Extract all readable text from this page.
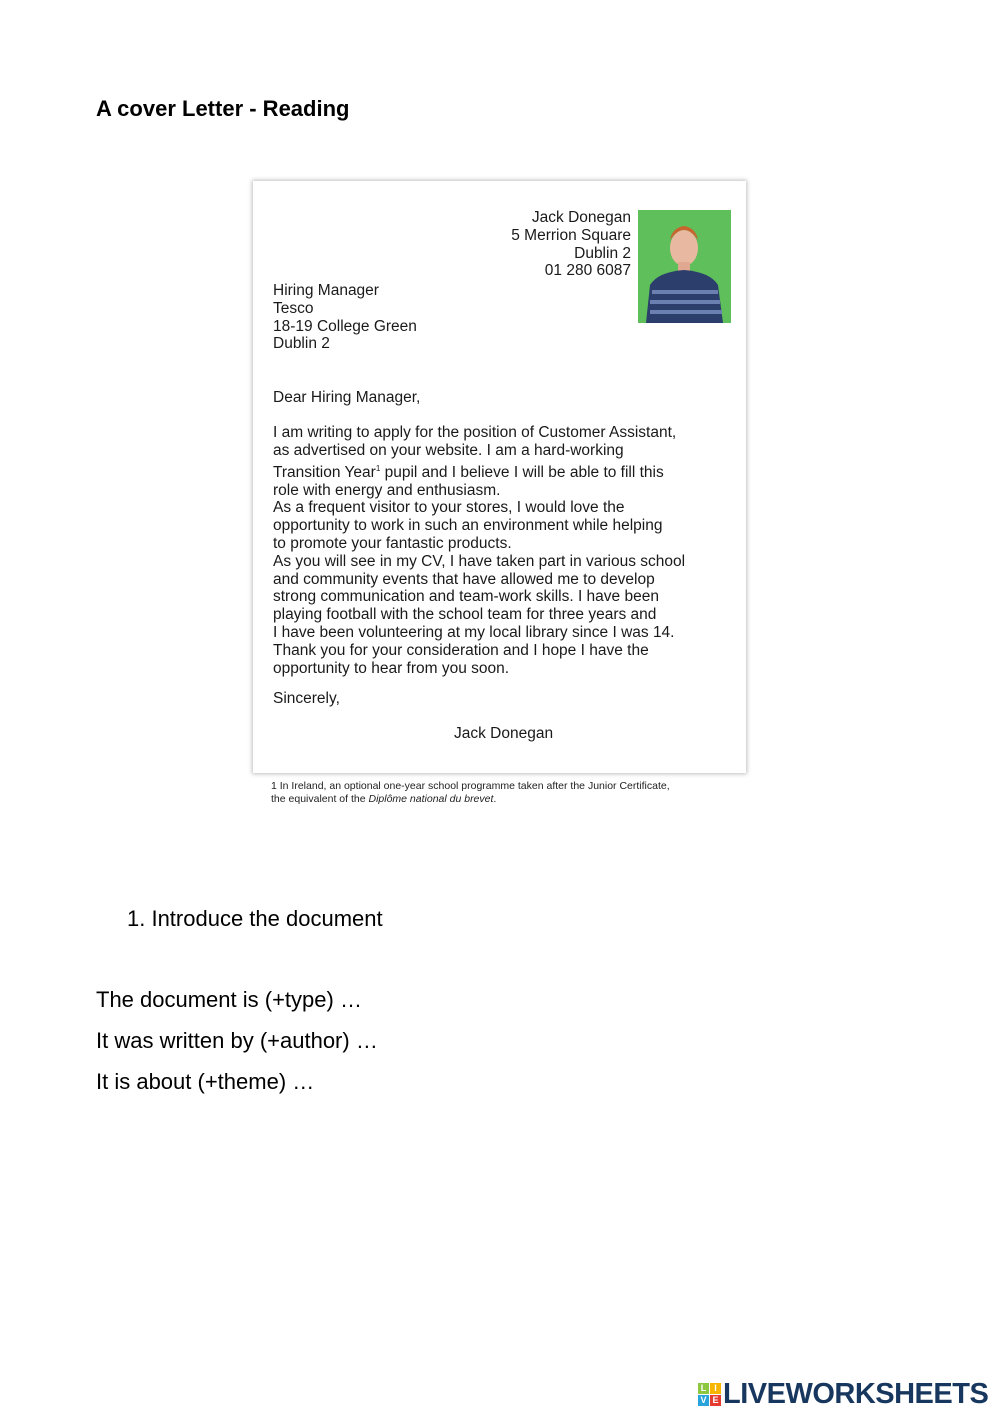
A cover Letter - Reading
Jack Donegan
5 Merrion Square
Dublin 2
01 280 6087
Hiring Manager
Tesco
18-19 College Green
Dublin 2
Dear Hiring Manager,
I am writing to apply for the position of Customer Assistant,
as advertised on your website. I am a hard-working
Transition Year$^1$ pupil and I believe I will be able to fill this
role with energy and enthusiasm.
As a frequent visitor to your stores, I would love the
opportunity to work in such an environment while helping
to promote your fantastic products.
As you will see in my CV, I have taken part in various school
and community events that have allowed me to develop
strong communication and team-work skills. I have been
playing football with the school team for three years and
I have been volunteering at my local library since I was 14.
Thank you for your consideration and I hope I have the
opportunity to hear from you soon.
Sincerely,
Jack Donegan
1 In Ireland, an optional one-year school programme taken after the Junior Certificate,
the equivalent of the Diplôme national du brevet.
1. Introduce the document
The document is (+type) …
It was written by (+author) …
It is about (+theme) …
L I
V E LIVEWORKSHEETS
